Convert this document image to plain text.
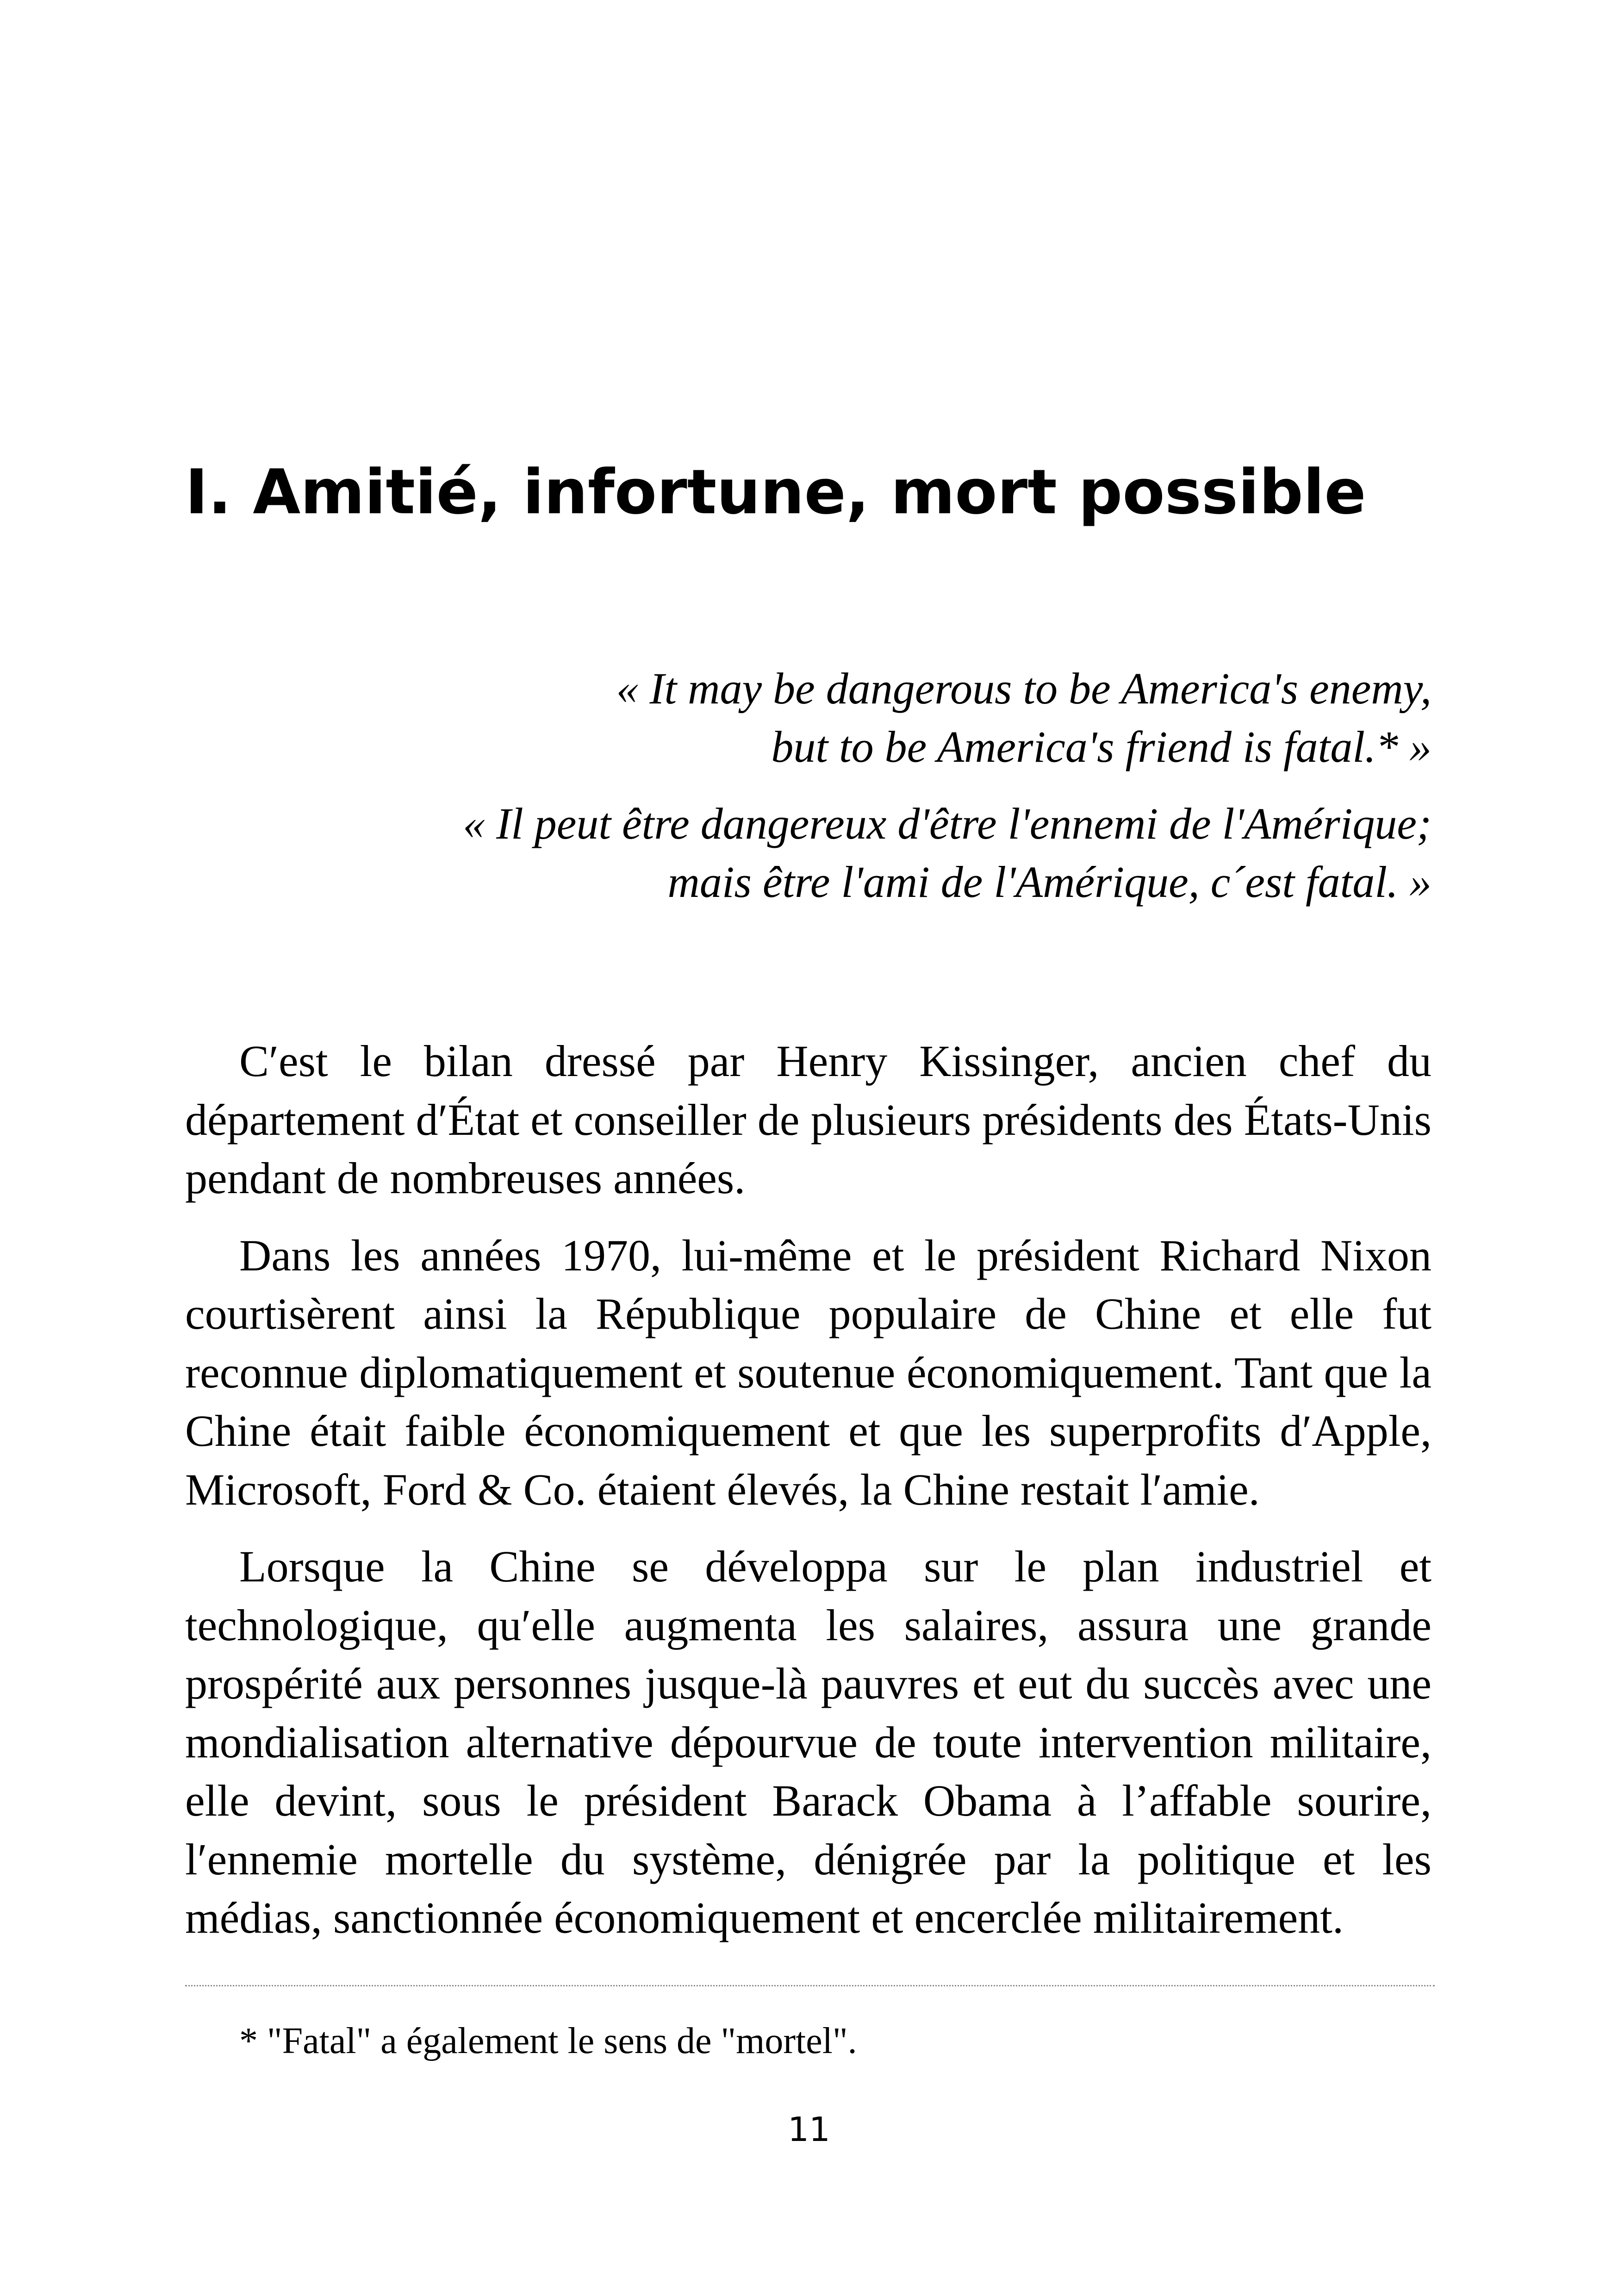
I. Amitié, infortune, mort possible

« It may be dangerous to be America's enemy,
but to be America's friend is fatal.* »

« Il peut être dangereux d'être l'ennemi de l'Amérique;
mais être l'ami de l'Amérique, c´est fatal. »

C′est le bilan dressé par Henry Kissinger, ancien chef du département d′État et conseiller de plusieurs présidents des États-Unis pendant de nombreuses années.

Dans les années 1970, lui-même et le président Richard Nixon courtisèrent ainsi la République populaire de Chine et elle fut reconnue diplomatiquement et soutenue économiquement. Tant que la Chine était faible économiquement et que les superprofits d′Apple, Microsoft, Ford & Co. étaient élevés, la Chine restait l′amie.

Lorsque la Chine se développa sur le plan industriel et technologique, qu′elle augmenta les salaires, assura une grande prospérité aux personnes jusque-là pauvres et eut du succès avec une mondialisation alternative dépourvue de toute intervention militaire, elle devint, sous le président Barack Obama à l’affable sourire, l′ennemie mortelle du système, dénigrée par la politique et les médias, sanctionnée économiquement et encerclée militairement.

* "Fatal" a également le sens de "mortel".

11
